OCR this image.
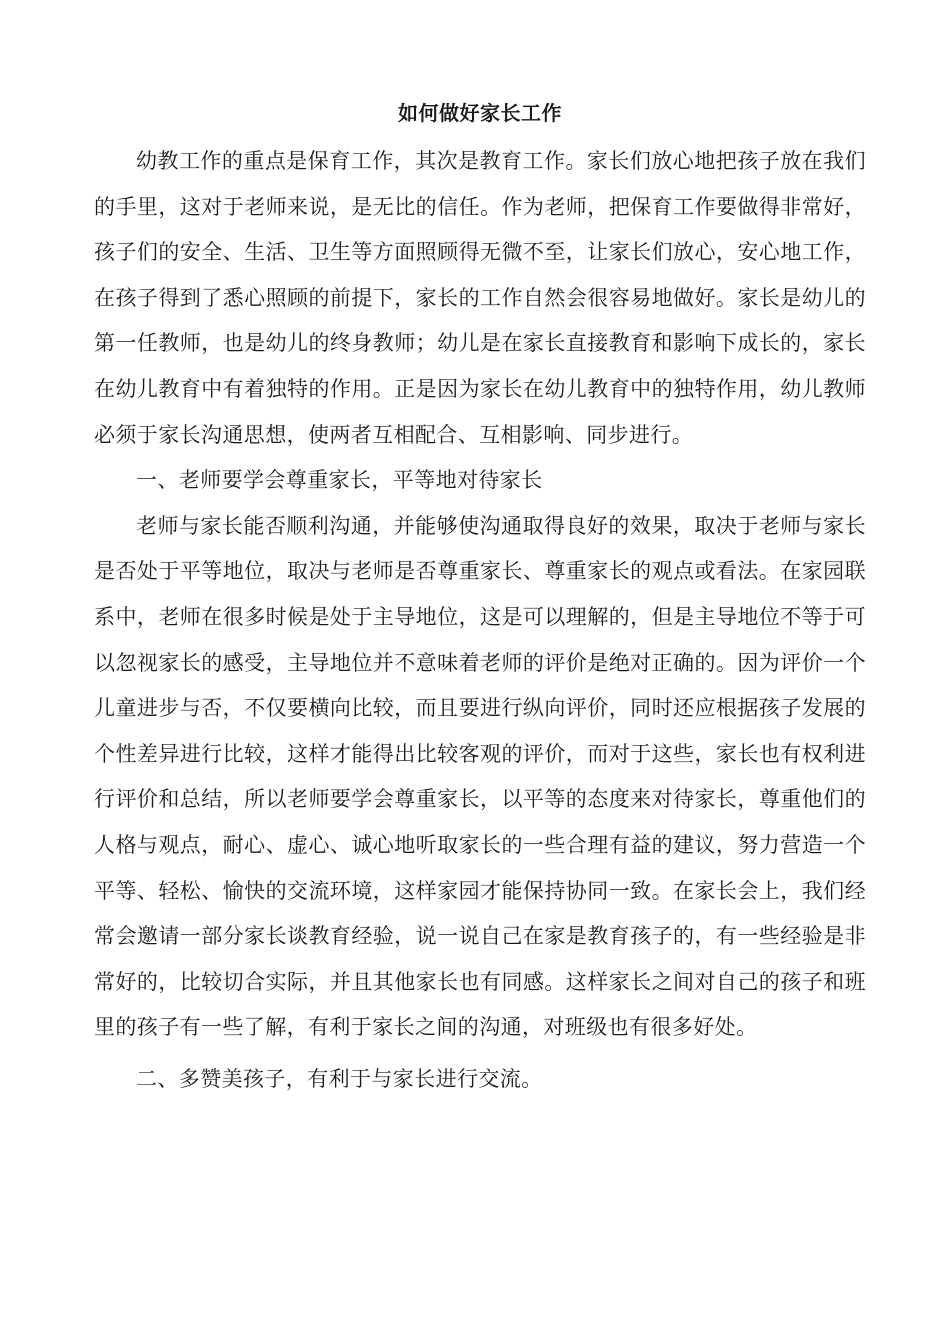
如何做好家长工作

幼教工作的重点是保育工作，其次是教育工作。家长们放心地把孩子放在我们的手里，这对于老师来说，是无比的信任。作为老师，把保育工作要做得非常好，孩子们的安全、生活、卫生等方面照顾得无微不至，让家长们放心，安心地工作，在孩子得到了悉心照顾的前提下，家长的工作自然会很容易地做好。家长是幼儿的第一任教师，也是幼儿的终身教师；幼儿是在家长直接教育和影响下成长的，家长在幼儿教育中有着独特的作用。正是因为家长在幼儿教育中的独特作用，幼儿教师必须于家长沟通思想，使两者互相配合、互相影响、同步进行。

一、老师要学会尊重家长，平等地对待家长

老师与家长能否顺利沟通，并能够使沟通取得良好的效果，取决于老师与家长是否处于平等地位，取决与老师是否尊重家长、尊重家长的观点或看法。在家园联系中，老师在很多时候是处于主导地位，这是可以理解的，但是主导地位不等于可以忽视家长的感受，主导地位并不意味着老师的评价是绝对正确的。因为评价一个儿童进步与否，不仅要横向比较，而且要进行纵向评价，同时还应根据孩子发展的个性差异进行比较，这样才能得出比较客观的评价，而对于这些，家长也有权利进行评价和总结，所以老师要学会尊重家长，以平等的态度来对待家长，尊重他们的人格与观点，耐心、虚心、诚心地听取家长的一些合理有益的建议，努力营造一个平等、轻松、愉快的交流环境，这样家园才能保持协同一致。在家长会上，我们经常会邀请一部分家长谈教育经验，说一说自己在家是教育孩子的，有一些经验是非常好的，比较切合实际，并且其他家长也有同感。这样家长之间对自己的孩子和班里的孩子有一些了解，有利于家长之间的沟通，对班级也有很多好处。

二、多赞美孩子，有利于与家长进行交流。
